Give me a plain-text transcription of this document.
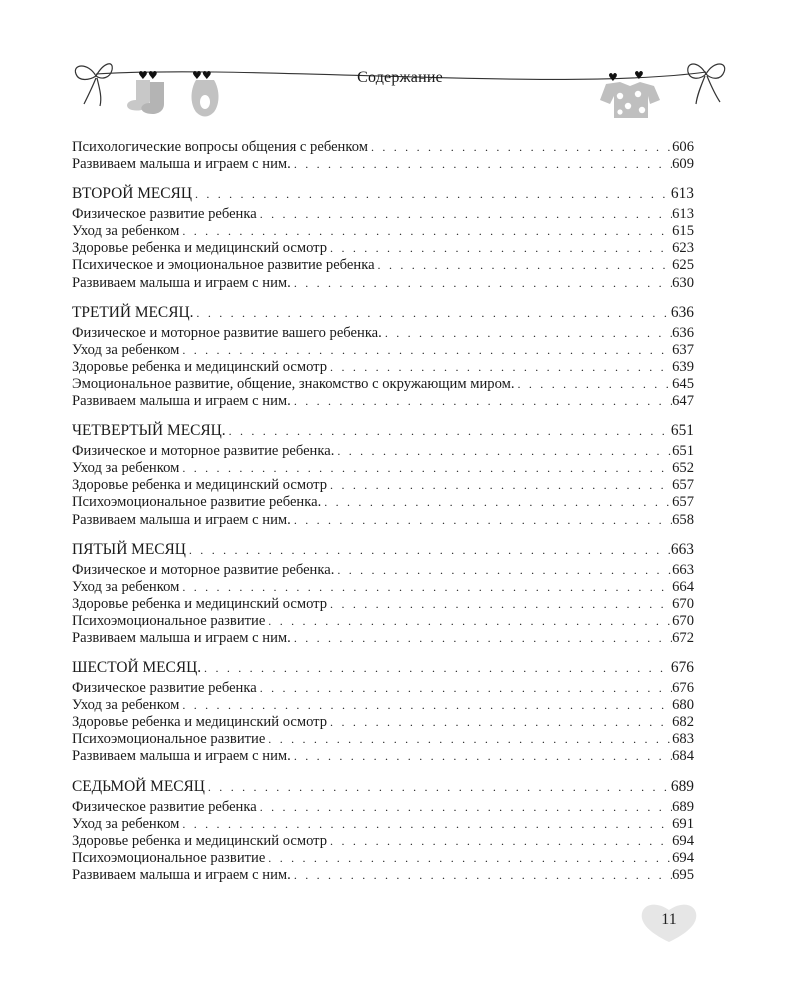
♥♥	♥♥	♥ ♥
Содержание
Психологические вопросы общения с ребенком . . .	606
Развиваем малыша и играем с ним. . . .	609
ВТОРОЙ МЕСЯЦ . . .	613
Физическое развитие ребенка . . .	613
Уход за ребенком . . .	615
Здоровье ребенка и медицинский осмотр . . .	623
Психическое и эмоциональное развитие ребенка . . .	625
Развиваем малыша и играем с ним. . . .	630
ТРЕТИЙ МЕСЯЦ. . . .	636
Физическое и моторное развитие вашего ребенка. . . .	636
Уход за ребенком . . .	637
Здоровье ребенка и медицинский осмотр . . .	639
Эмоциональное развитие, общение, знакомство с окружающим миром. . . .	645
Развиваем малыша и играем с ним. . . .	647
ЧЕТВЕРТЫЙ МЕСЯЦ. . . .	651
Физическое и моторное развитие ребенка. . . .	651
Уход за ребенком . . .	652
Здоровье ребенка и медицинский осмотр . . .	657
Психоэмоциональное развитие ребенка. . . .	657
Развиваем малыша и играем с ним. . . .	658
ПЯТЫЙ МЕСЯЦ . . .	663
Физическое и моторное развитие ребенка. . . .	663
Уход за ребенком . . .	664
Здоровье ребенка и медицинский осмотр . . .	670
Психоэмоциональное развитие . . .	670
Развиваем малыша и играем с ним. . . .	672
ШЕСТОЙ МЕСЯЦ. . . .	676
Физическое развитие ребенка . . .	676
Уход за ребенком . . .	680
Здоровье ребенка и медицинский осмотр . . .	682
Психоэмоциональное развитие . . .	683
Развиваем малыша и играем с ним. . . .	684
СЕДЬМОЙ МЕСЯЦ . . .	689
Физическое развитие ребенка . . .	689
Уход за ребенком . . .	691
Здоровье ребенка и медицинский осмотр . . .	694
Психоэмоциональное развитие . . .	694
Развиваем малыша и играем с ним. . . .	695
11
